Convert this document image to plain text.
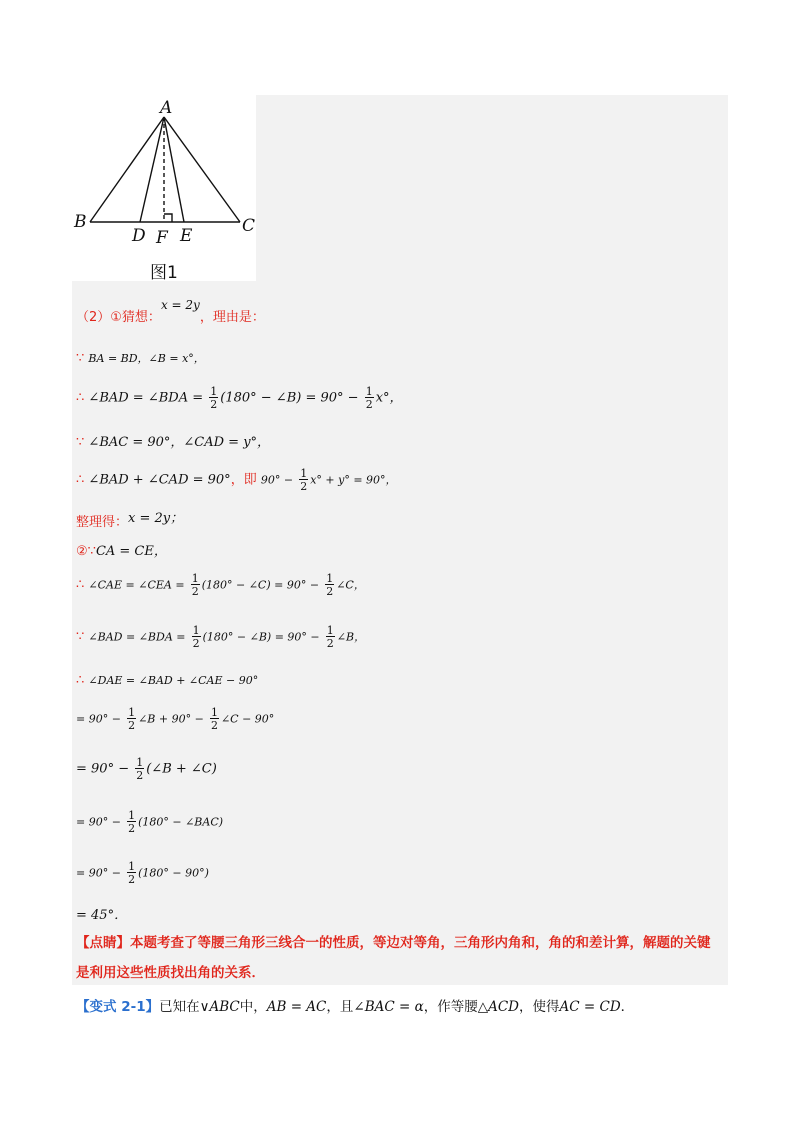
A
B	C
D F E
图1
（2）①猜想：x = 2y，理由是：
∵ BA = BD，∠B = x°，
∴ ∠BAD = ∠BDA = $\frac{1}{2} (180^\circ$ − ∠B) = $90^\circ - \frac{1}{2} x^\circ$，
∵ ∠BAC = 90°，∠CAD = y°，
∴ ∠BAD + ∠CAD = 90°，即 $90^\circ - \frac{1}{2} x^\circ + y^\circ = 90^\circ$，
整理得：x = 2y；
②∵CA = CE，
∴ ∠CAE = ∠CEA = $\frac{1}{2} (180^\circ$ − ∠C) = $90^\circ - \frac{1}{2}$ ∠C，
∵ ∠BAD = ∠BDA = $\frac{1}{2} (180^\circ$ − ∠B) = $90^\circ - \frac{1}{2}$ ∠B，
∴ ∠DAE = ∠BAD + ∠CAE − 90°
= $90^\circ - \frac{1}{2}$ ∠B + $90^\circ - \frac{1}{2}$ ∠C − 90°
= $90^\circ - \frac{1}{2}$ (∠B + ∠C)
= $90^\circ - \frac{1}{2} (180^\circ$ − ∠BAC)
= $90^\circ - \frac{1}{2} (180^\circ - 90^\circ)$
= 45°．
【点睛】本题考查了等腰三角形三线合一的性质，等边对等角，三角形内角和，角的和差计算，解题的关键是利用这些性质找出角的关系．
【变式 2-1】已知在∨ABC中，AB = AC，且∠BAC = α，作等腰△ACD，使得AC = CD．
